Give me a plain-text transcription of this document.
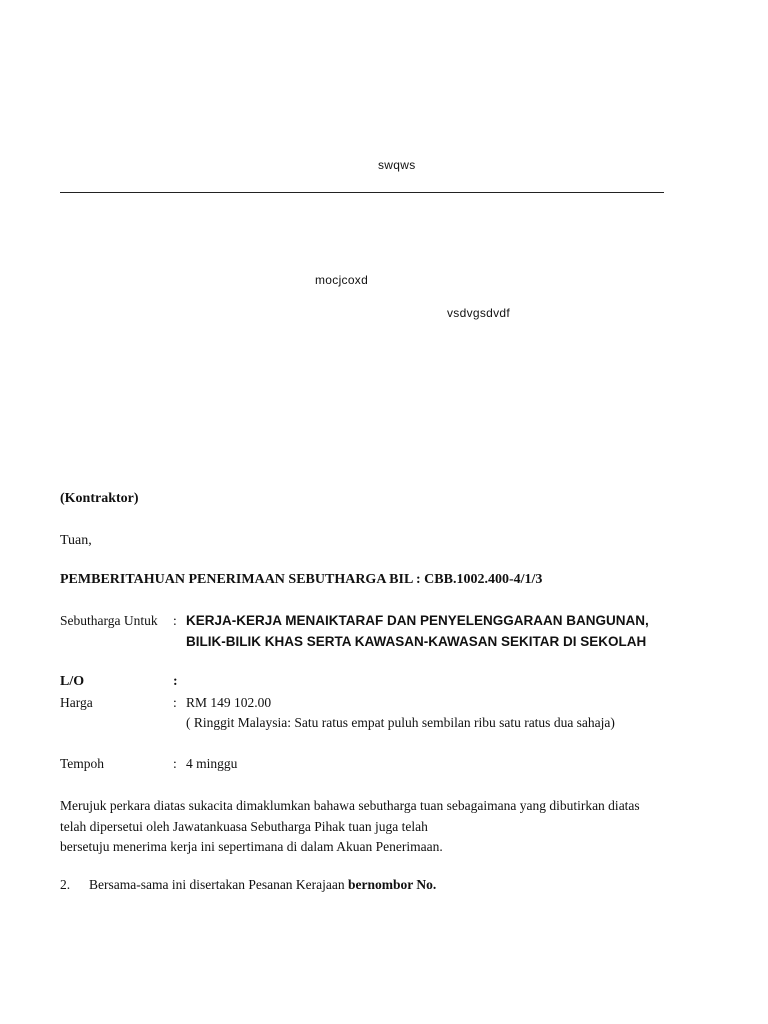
swqws
mocjcoxd
vsdvgsdvdf
(Kontraktor)
Tuan,
PEMBERITAHUAN PENERIMAAN SEBUTHARGA BIL : CBB.1002.400-4/1/3
Sebutharga Untuk : KERJA-KERJA MENAIKTARAF DAN PENYELENGGARAAN BANGUNAN,
BILIK-BILIK KHAS SERTA KAWASAN-KAWASAN SEKITAR DI SEKOLAH
L/O	:
Harga	: RM 149 102.00
( Ringgit Malaysia: Satu ratus empat puluh sembilan ribu satu ratus dua sahaja)
Tempoh	: 4 minggu
Merujuk perkara diatas sukacita dimaklumkan bahawa sebutharga tuan sebagaimana yang dibutirkan diatas
telah dipersetui oleh Jawatankuasa Sebutharga Pihak tuan juga telah
bersetuju menerima kerja ini sepertimana di dalam Akuan Penerimaan.
2. Bersama-sama ini disertakan Pesanan Kerajaan bernombor No.
